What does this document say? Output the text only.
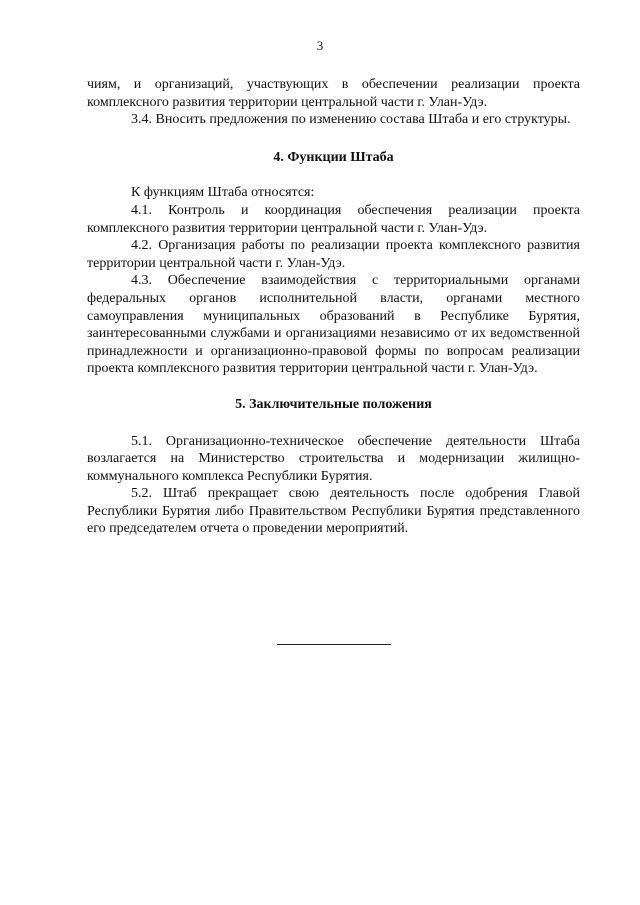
3

чиям, и организаций, участвующих в обеспечении реализации проекта комплексного развития территории центральной части г. Улан-Удэ.

3.4. Вносить предложения по изменению состава Штаба и его структуры.

4. Функции Штаба

К функциям Штаба относятся:

4.1. Контроль и координация обеспечения реализации проекта комплексного развития территории центральной части г. Улан-Удэ.

4.2. Организация работы по реализации проекта комплексного развития территории центральной части г. Улан-Удэ.

4.3. Обеспечение взаимодействия с территориальными органами федеральных органов исполнительной власти, органами местного самоуправления муниципальных образований в Республике Бурятия, заинтересованными службами и организациями независимо от их ведомственной принадлежности и организационно-правовой формы по вопросам реализации проекта комплексного развития территории центральной части г. Улан-Удэ.

5. Заключительные положения

5.1. Организационно-техническое обеспечение деятельности Штаба возлагается на Министерство строительства и модернизации жилищно-коммунального комплекса Республики Бурятия.

5.2. Штаб прекращает свою деятельность после одобрения Главой Республики Бурятия либо Правительством Республики Бурятия представленного его председателем отчета о проведении мероприятий.
